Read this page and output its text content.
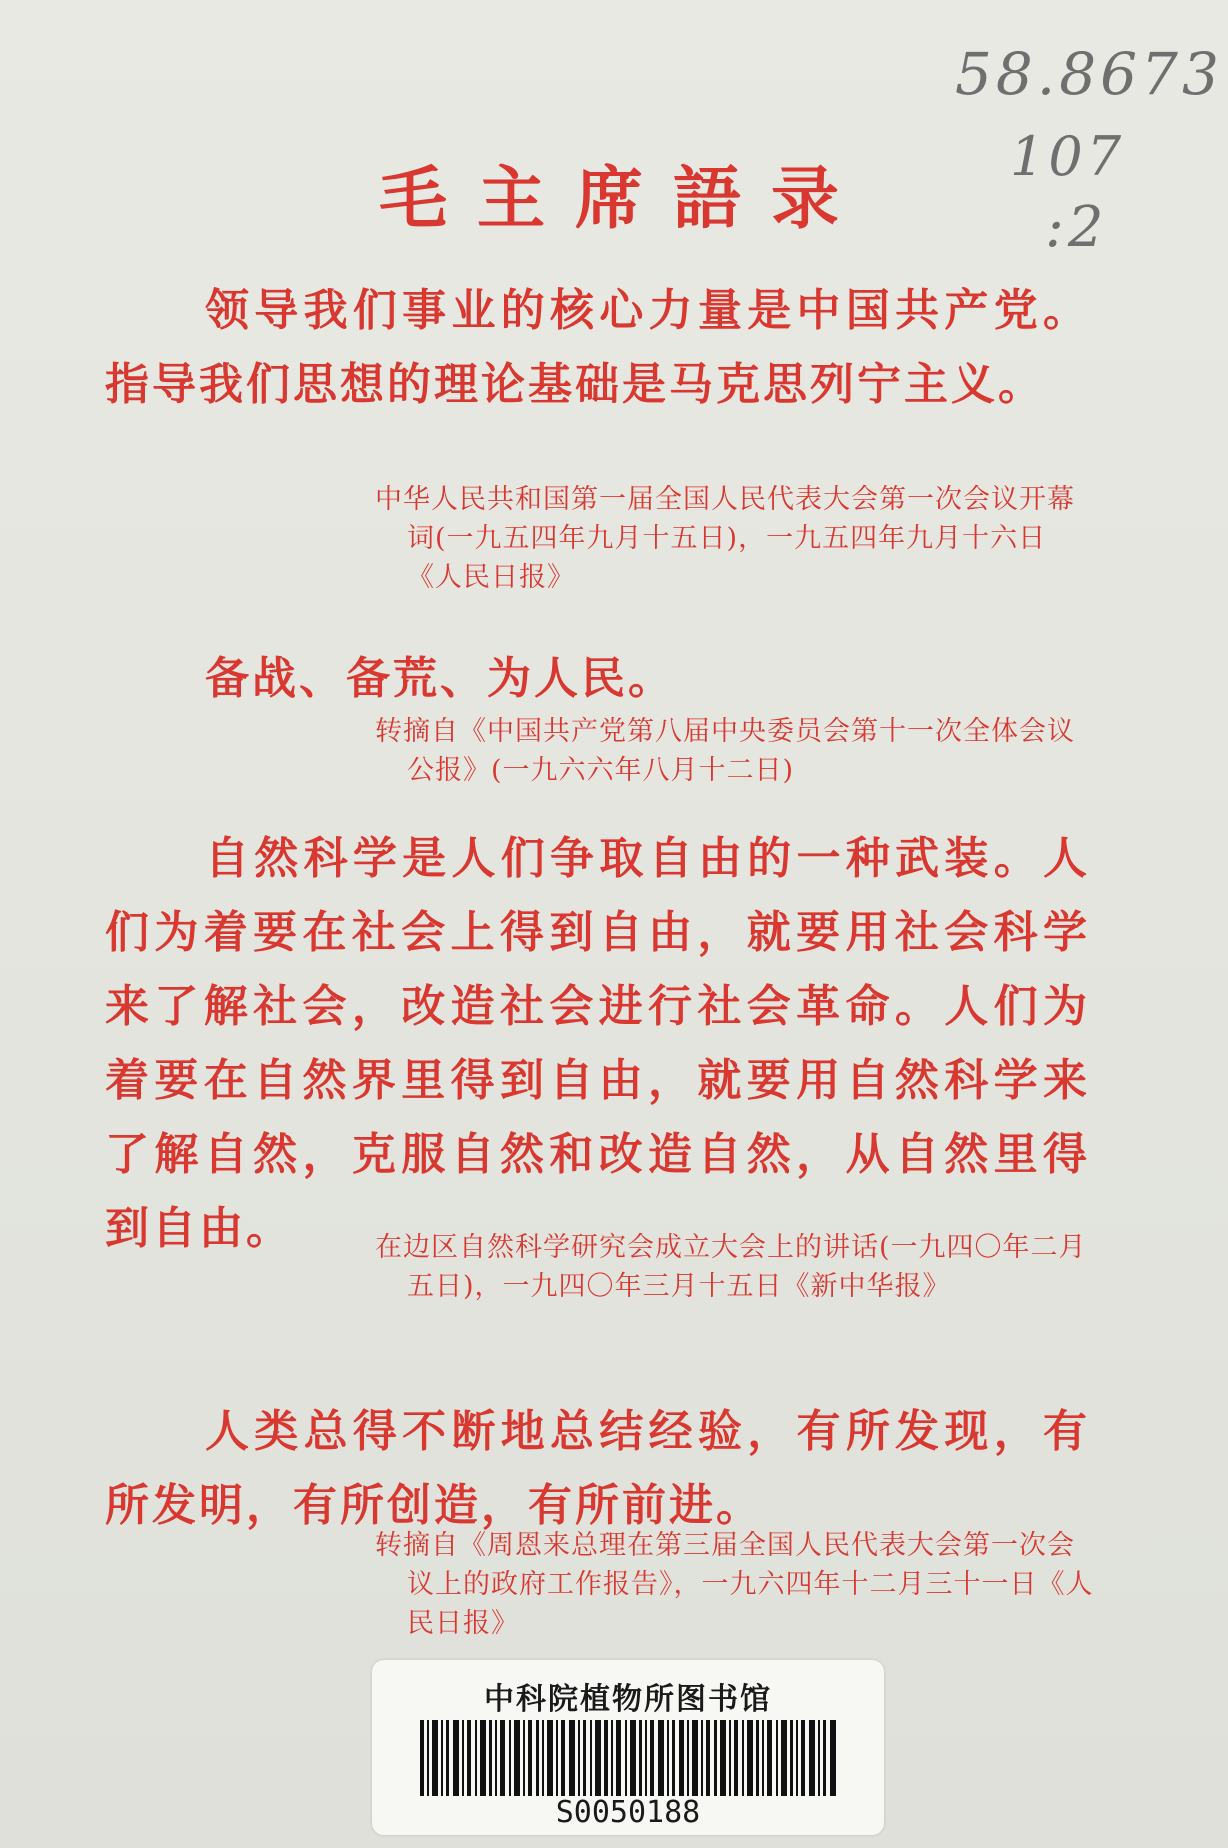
58.8673
107
:2
毛主席語录
领导我们事业的核心力量是中国共产党。指导我们思想的理论基础是马克思列宁主义。
中华人民共和国第一届全国人民代表大会第一次会议开幕词(一九五四年九月十五日)，一九五四年九月十六日《人民日报》
备战、备荒、为人民。
转摘自《中国共产党第八届中央委员会第十一次全体会议公报》(一九六六年八月十二日)
自然科学是人们争取自由的一种武装。人们为着要在社会上得到自由，就要用社会科学来了解社会，改造社会进行社会革命。人们为着要在自然界里得到自由，就要用自然科学来了解自然，克服自然和改造自然，从自然里得到自由。	在边区自然科学研究会成立大会上的讲话(一九四〇年二月五日)，一九四〇年三月十五日《新中华报》
人类总得不断地总结经验，有所发现，有所发明，有所创造，有所前进。
转摘自《周恩来总理在第三届全国人民代表大会第一次会议上的政府工作报告》，一九六四年十二月三十一日《人民日报》
中科院植物所图书馆
S0050188
